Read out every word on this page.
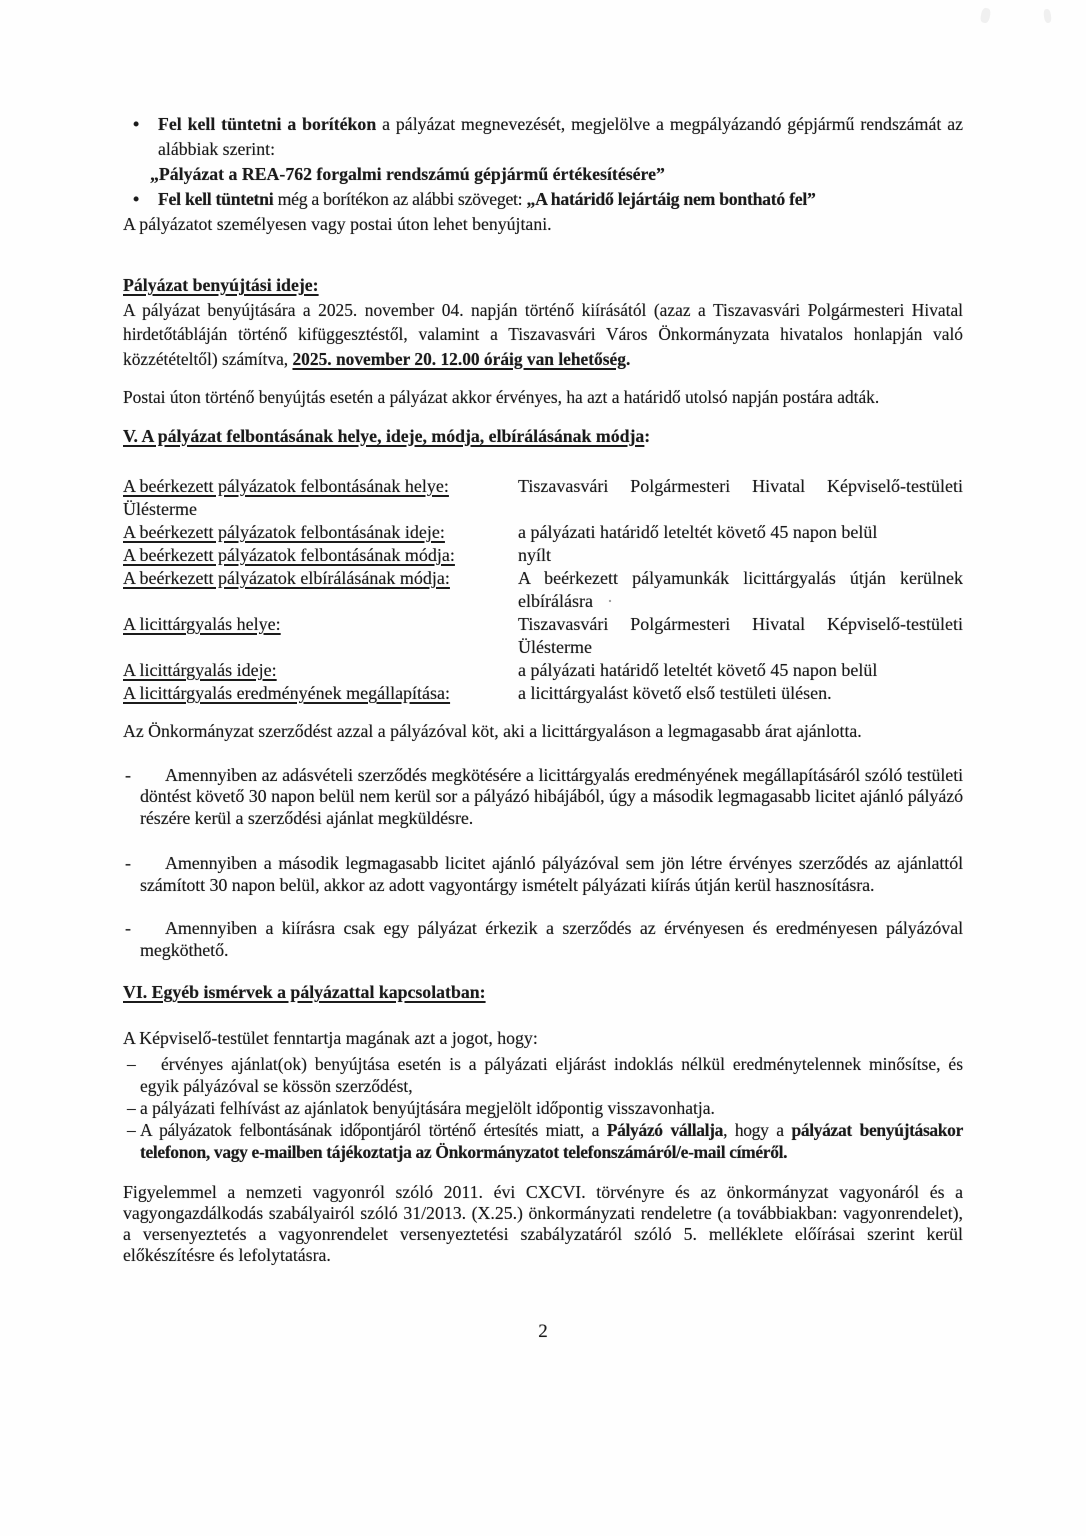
• Fel kell tüntetni a borítékon a pályázat megnevezését, megjelölve a megpályázandó gépjármű rendszámát az alábbiak szerint:
„Pályázat a REA-762 forgalmi rendszámú gépjármű értékesítésére”
• Fel kell tüntetni még a borítékon az alábbi szöveget: „A határidő lejártáig nem bontható fel”

A pályázatot személyesen vagy postai úton lehet benyújtani.

Pályázat benyújtási ideje:

A pályázat benyújtására a 2025. november 04. napján történő kiírásától (azaz a Tiszavasvári Polgármesteri Hivatal hirdetőtábláján történő kifüggesztéstől, valamint a Tiszavasvári Város Önkormányzata hivatalos honlapján való közzétételtől) számítva, 2025. november 20. 12.00 óráig van lehetőség.

Postai úton történő benyújtás esetén a pályázat akkor érvényes, ha azt a határidő utolsó napján postára adták.

V. A pályázat felbontásának helye, ideje, módja, elbírálásának módja:

A beérkezett pályázatok felbontásának helye:	Tiszavasvári Polgármesteri Hivatal Képviselő-testületi
Ülésterme
A beérkezett pályázatok felbontásának ideje:	a pályázati határidő leteltét követő 45 napon belül
A beérkezett pályázatok felbontásának módja:	nyílt
A beérkezett pályázatok elbírálásának módja:	A beérkezett pályamunkák licittárgyalás útján kerülnek
elbírálásra ·
A licittárgyalás helye:	Tiszavasvári Polgármesteri Hivatal Képviselő-testületi
Ülésterme
A licittárgyalás ideje:	a pályázati határidő leteltét követő 45 napon belül
A licittárgyalás eredményének megállapítása:	a licittárgyalást követő első testületi ülésen.

Az Önkormányzat szerződést azzal a pályázóval köt, aki a licittárgyaláson a legmagasabb árat ajánlotta.

- Amennyiben az adásvételi szerződés megkötésére a licittárgyalás eredményének megállapításáról szóló testületi döntést követő 30 napon belül nem kerül sor a pályázó hibájából, úgy a második legmagasabb licitet ajánló pályázó részére kerül a szerződési ajánlat megküldésre.
- Amennyiben a második legmagasabb licitet ajánló pályázóval sem jön létre érvényes szerződés az ajánlattól számított 30 napon belül, akkor az adott vagyontárgy ismételt pályázati kiírás útján kerül hasznosításra.
- Amennyiben a kiírásra csak egy pályázat érkezik a szerződés az érvényesen és eredményesen pályázóval megköthető.

VI. Egyéb ismérvek a pályázattal kapcsolatban:

A Képviselő-testület fenntartja magának azt a jogot, hogy:

– érvényes ajánlat(ok) benyújtása esetén is a pályázati eljárást indoklás nélkül eredménytelennek minősítse, és egyik pályázóval se kössön szerződést,
– a pályázati felhívást az ajánlatok benyújtására megjelölt időpontig visszavonhatja.
– A pályázatok felbontásának időpontjáról történő értesítés miatt, a Pályázó vállalja, hogy a pályázat benyújtásakor telefonon, vagy e-mailben tájékoztatja az Önkormányzatot telefonszámáról/e-mail címéről.

Figyelemmel a nemzeti vagyonról szóló 2011. évi CXCVI. törvényre és az önkormányzat vagyonáról és a vagyongazdálkodás szabályairól szóló 31/2013. (X.25.) önkormányzati rendeletre (a továbbiakban: vagyonrendelet), a versenyeztetés a vagyonrendelet versenyeztetési szabályzatáról szóló 5. melléklete előírásai szerint kerül előkészítésre és lefolytatásra.

2
